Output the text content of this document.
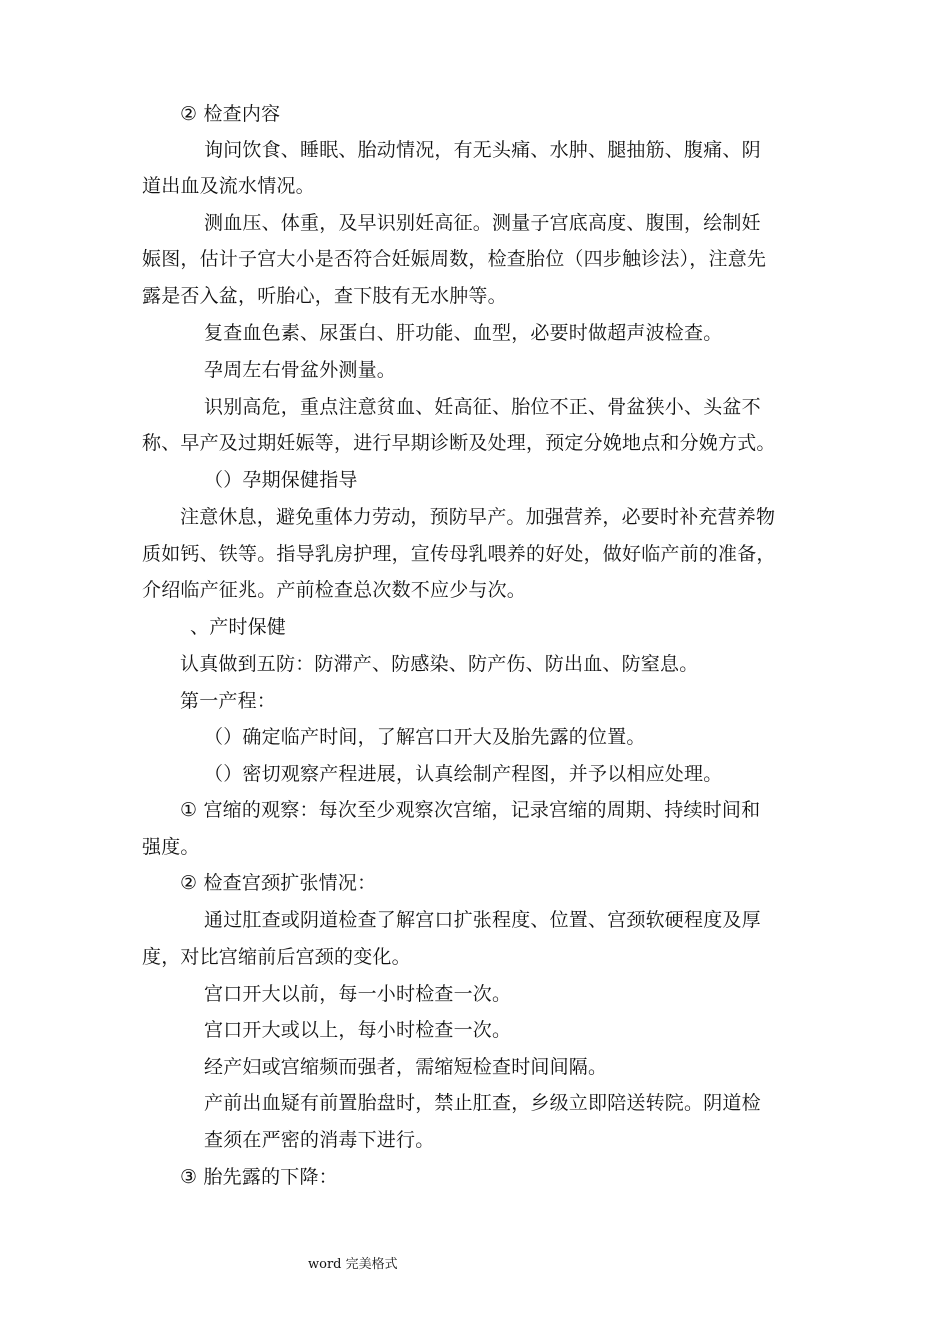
② 检查内容
询问饮食、睡眠、胎动情况，有无头痛、水肿、腿抽筋、腹痛、阴
道出血及流水情况。
测血压、体重，及早识别妊高征。测量子宫底高度、腹围，绘制妊
娠图，估计子宫大小是否符合妊娠周数，检查胎位（四步触诊法），注意先
露是否入盆，听胎心，查下肢有无水肿等。
复查血色素、尿蛋白、肝功能、血型，必要时做超声波检查。
孕周左右骨盆外测量。
识别高危，重点注意贫血、妊高征、胎位不正、骨盆狭小、头盆不
称、早产及过期妊娠等，进行早期诊断及处理，预定分娩地点和分娩方式。
（）孕期保健指导
注意休息，避免重体力劳动，预防早产。加强营养，必要时补充营养物
质如钙、铁等。指导乳房护理，宣传母乳喂养的好处，做好临产前的准备，
介绍临产征兆。产前检查总次数不应少与次。
、产时保健
认真做到五防：防滞产、防感染、防产伤、防出血、防窒息。
第一产程：
（）确定临产时间，了解宫口开大及胎先露的位置。
（）密切观察产程进展，认真绘制产程图，并予以相应处理。
① 宫缩的观察：每次至少观察次宫缩，记录宫缩的周期、持续时间和
强度。
② 检查宫颈扩张情况：
通过肛查或阴道检查了解宫口扩张程度、位置、宫颈软硬程度及厚
度，对比宫缩前后宫颈的变化。
宫口开大以前，每一小时检查一次。
宫口开大或以上，每小时检查一次。
经产妇或宫缩频而强者，需缩短检查时间间隔。
产前出血疑有前置胎盘时，禁止肛查，乡级立即陪送转院。阴道检
查须在严密的消毒下进行。
③ 胎先露的下降：
word 完美格式
